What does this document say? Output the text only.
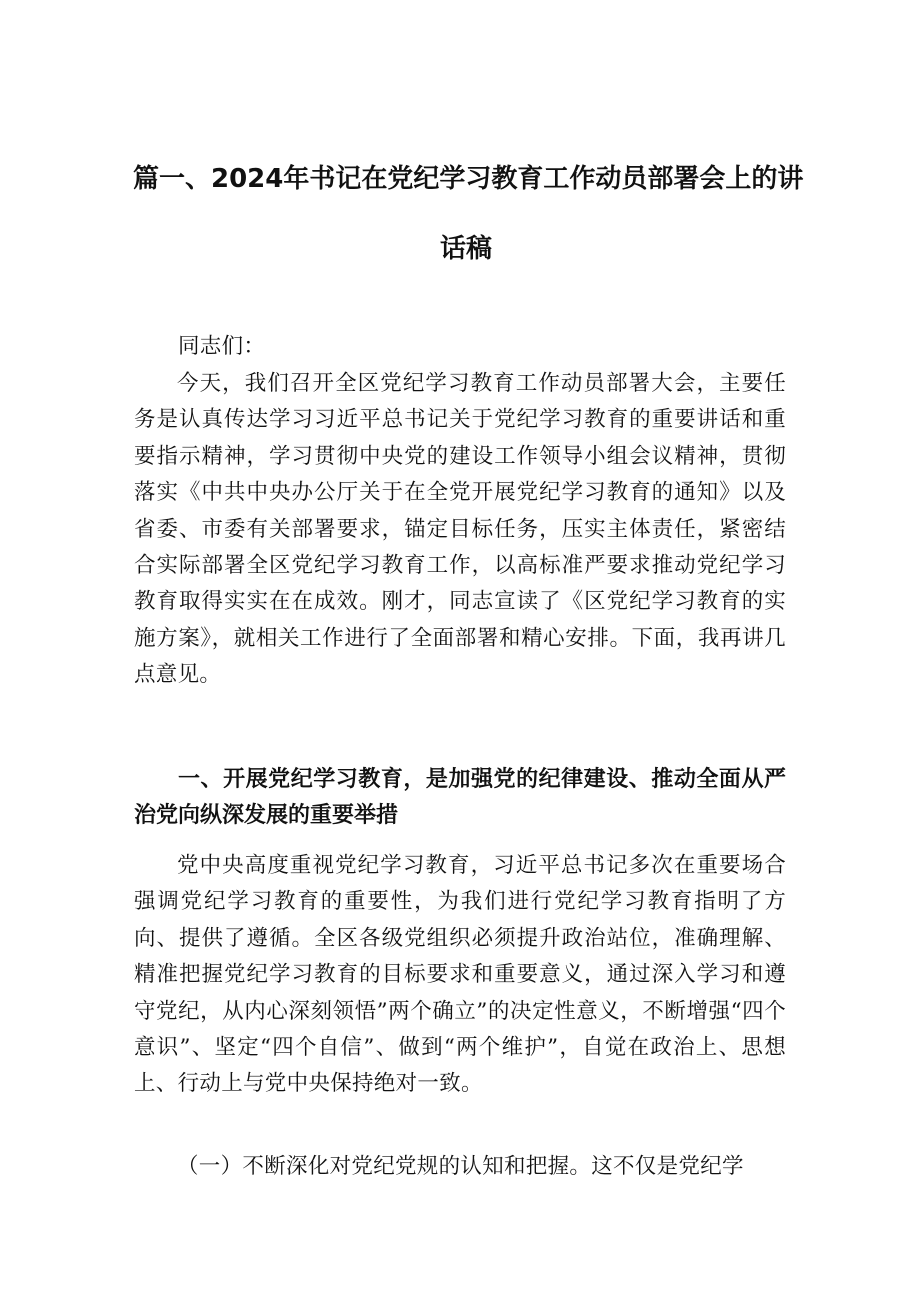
篇一、2024年书记在党纪学习教育工作动员部署会上的讲
话稿
同志们：
今天，我们召开全区党纪学习教育工作动员部署大会，主要任务是认真传达学习习近平总书记关于党纪学习教育的重要讲话和重要指示精神，学习贯彻中央党的建设工作领导小组会议精神，贯彻落实《中共中央办公厅关于在全党开展党纪学习教育的通知》以及省委、市委有关部署要求，锚定目标任务，压实主体责任，紧密结合实际部署全区党纪学习教育工作，以高标准严要求推动党纪学习教育取得实实在在成效。刚才，同志宣读了《区党纪学习教育的实施方案》，就相关工作进行了全面部署和精心安排。下面，我再讲几点意见。
一、开展党纪学习教育，是加强党的纪律建设、推动全面从严治党向纵深发展的重要举措
党中央高度重视党纪学习教育，习近平总书记多次在重要场合强调党纪学习教育的重要性，为我们进行党纪学习教育指明了方向、提供了遵循。全区各级党组织必须提升政治站位，准确理解、精准把握党纪学习教育的目标要求和重要意义，通过深入学习和遵守党纪，从内心深刻领悟”两个确立”的决定性意义，不断增强“四个意识”、坚定“四个自信”、做到“两个维护”，自觉在政治上、思想上、行动上与党中央保持绝对一致。
（一）不断深化对党纪党规的认知和把握。这不仅是党纪学
